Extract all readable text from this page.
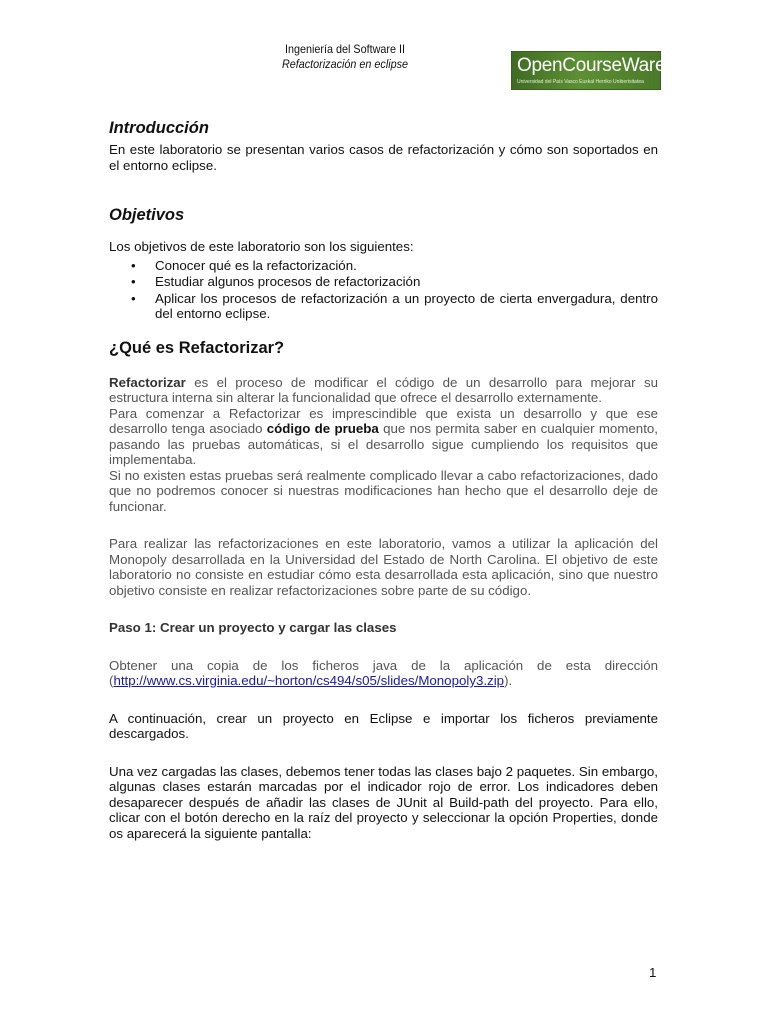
Ingeniería del Software II
Refactorización en eclipse	OpenCourseWare
Universidad del País Vasco Euskal Herriko Unibertsitatea
Introducción

En este laboratorio se presentan varios casos de refactorización y cómo son soportados en el entorno eclipse.

Objetivos

Los objetivos de este laboratorio son los siguientes:

• Conocer qué es la refactorización.
• Estudiar algunos procesos de refactorización
• Aplicar los procesos de refactorización a un proyecto de cierta envergadura, dentro del entorno eclipse.
¿Qué es Refactorizar?

Refactorizar es el proceso de modificar el código de un desarrollo para mejorar su estructura interna sin alterar la funcionalidad que ofrece el desarrollo externamente.

Para comenzar a Refactorizar es imprescindible que exista un desarrollo y que ese desarrollo tenga asociado código de prueba que nos permita saber en cualquier momento, pasando las pruebas automáticas, si el desarrollo sigue cumpliendo los requisitos que implementaba.

Si no existen estas pruebas será realmente complicado llevar a cabo refactorizaciones, dado que no podremos conocer si nuestras modificaciones han hecho que el desarrollo deje de funcionar.

Para realizar las refactorizaciones en este laboratorio, vamos a utilizar la aplicación del Monopoly desarrollada en la Universidad del Estado de North Carolina. El objetivo de este laboratorio no consiste en estudiar cómo esta desarrollada esta aplicación, sino que nuestro objetivo consiste en realizar refactorizaciones sobre parte de su código.

Paso 1: Crear un proyecto y cargar las clases

Obtener una copia de los ficheros java de la aplicación de esta dirección (http://www.cs.virginia.edu/~horton/cs494/s05/slides/Monopoly3.zip).

A continuación, crear un proyecto en Eclipse e importar los ficheros previamente descargados.

Una vez cargadas las clases, debemos tener todas las clases bajo 2 paquetes. Sin embargo, algunas clases estarán marcadas por el indicador rojo de error. Los indicadores deben desaparecer después de añadir las clases de JUnit al Build-path del proyecto. Para ello, clicar con el botón derecho en la raíz del proyecto y seleccionar la opción Properties, donde os aparecerá la siguiente pantalla:

1
